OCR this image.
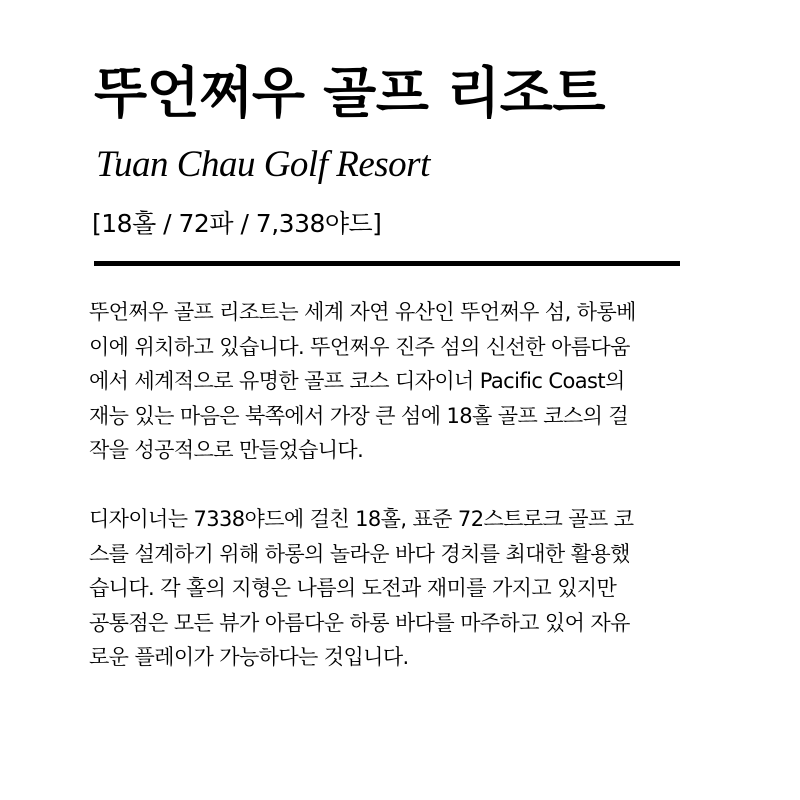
뚜언쩌우 골프 리조트
Tuan Chau Golf Resort

[18홀 / 72파 / 7,338야드]

뚜언쩌우 골프 리조트는 세계 자연 유산인 뚜언쩌우 섬, 하롱베
이에 위치하고 있습니다. 뚜언쩌우 진주 섬의 신선한 아름다움
에서 세계적으로 유명한 골프 코스 디자이너 Pacific Coast의
재능 있는 마음은 북쪽에서 가장 큰 섬에 18홀 골프 코스의 걸
작을 성공적으로 만들었습니다.

디자이너는 7338야드에 걸친 18홀, 표준 72스트로크 골프 코
스를 설계하기 위해 하롱의 놀라운 바다 경치를 최대한 활용했
습니다. 각 홀의 지형은 나름의 도전과 재미를 가지고 있지만
공통점은 모든 뷰가 아름다운 하롱 바다를 마주하고 있어 자유
로운 플레이가 가능하다는 것입니다.
